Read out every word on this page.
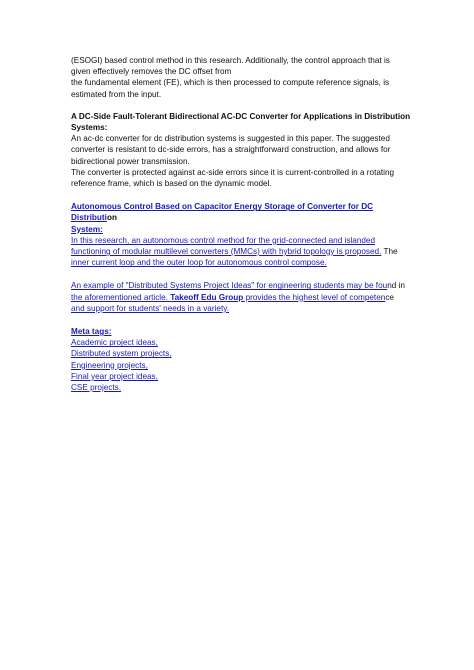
(ESOGI) based control method in this research. Additionally, the control approach that is

given effectively removes the DC offset from

the fundamental element (FE), which is then processed to compute reference signals, is

estimated from the input.

A DC-Side Fault-Tolerant Bidirectional AC-DC Converter for Applications in Distribution
Systems:

An ac-dc converter for dc distribution systems is suggested in this paper. The suggested

converter is resistant to dc-side errors, has a straightforward construction, and allows for

bidirectional power transmission.

The converter is protected against ac-side errors since it is current-controlled in a rotating

reference frame, which is based on the dynamic model.

Autonomous Control Based on Capacitor Energy Storage of Converter for DC Distribution

System:

In this research, an autonomous control method for the grid-connected and islanded

functioning of modular multilevel converters (MMCs) with hybrid topology is proposed. The

inner current loop and the outer loop for autonomous control compose.

An example of "Distributed Systems Project Ideas" for engineering students may be found in

the aforementioned article. Takeoff Edu Group provides the highest level of competence

and support for students' needs in a variety.

Meta tags:

Academic project ideas,
Distributed system projects,
Engineering projects,
Final year project ideas,
CSE projects.
